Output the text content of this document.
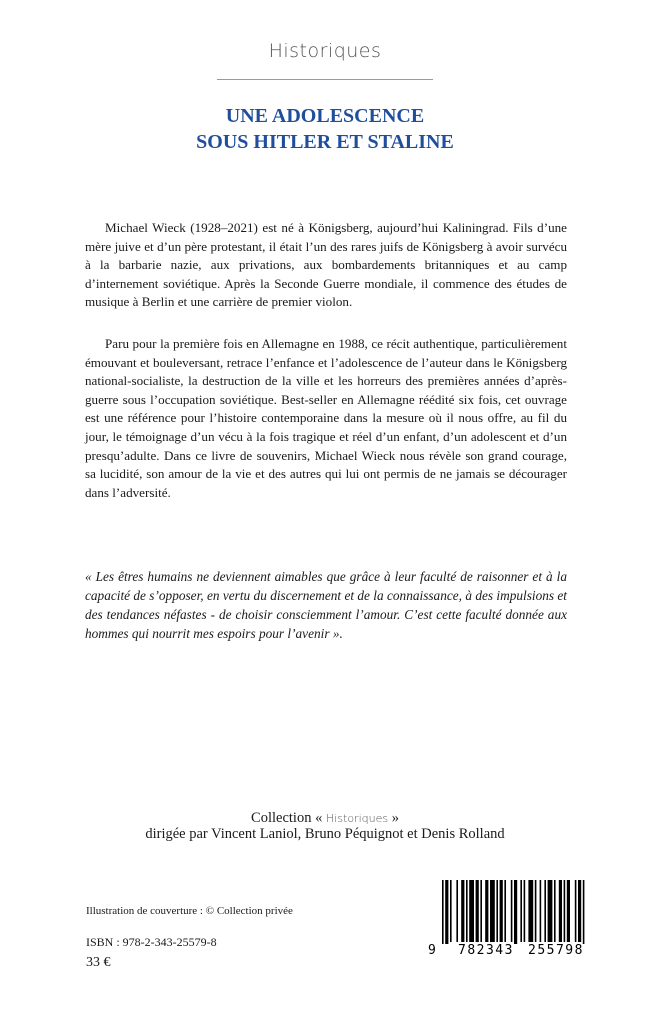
Historiques
UNE ADOLESCENCE
SOUS HITLER ET STALINE

Michael Wieck (1928–2021) est né à Königsberg, aujourd’hui Kaliningrad. Fils d’une mère juive et d’un père protestant, il était l’un des rares juifs de Königsberg à avoir survécu à la barbarie nazie, aux privations, aux bombardements britanniques et au camp d’internement soviétique. Après la Seconde Guerre mondiale, il commence des études de musique à Berlin et une carrière de premier violon.

Paru pour la première fois en Allemagne en 1988, ce récit authentique, particulièrement émouvant et bouleversant, retrace l’enfance et l’adolescence de l’auteur dans le Königsberg national-socialiste, la destruction de la ville et les horreurs des premières années d’après-guerre sous l’occupation soviétique. Best-seller en Allemagne réédité six fois, cet ouvrage est une référence pour l’histoire contemporaine dans la mesure où il nous offre, au fil du jour, le témoignage d’un vécu à la fois tragique et réel d’un enfant, d’un adolescent et d’un presqu’adulte. Dans ce livre de souvenirs, Michael Wieck nous révèle son grand courage, sa lucidité, son amour de la vie et des autres qui lui ont permis de ne jamais se décourager dans l’adversité.

« Les êtres humains ne deviennent aimables que grâce à leur faculté de raisonner et à la capacité de s’opposer, en vertu du discernement et de la connaissance, à des impulsions et des tendances néfastes - de choisir consciemment l’amour. C’est cette faculté donnée aux hommes qui nourrit mes espoirs pour l’avenir ».

Collection « Historiques »
dirigée par Vincent Laniol, Bruno Péquignot et Denis Rolland
Illustration de couverture : © Collection privée
ISBN : 978-2-343-25579-8
33 €
9 782343 255798
